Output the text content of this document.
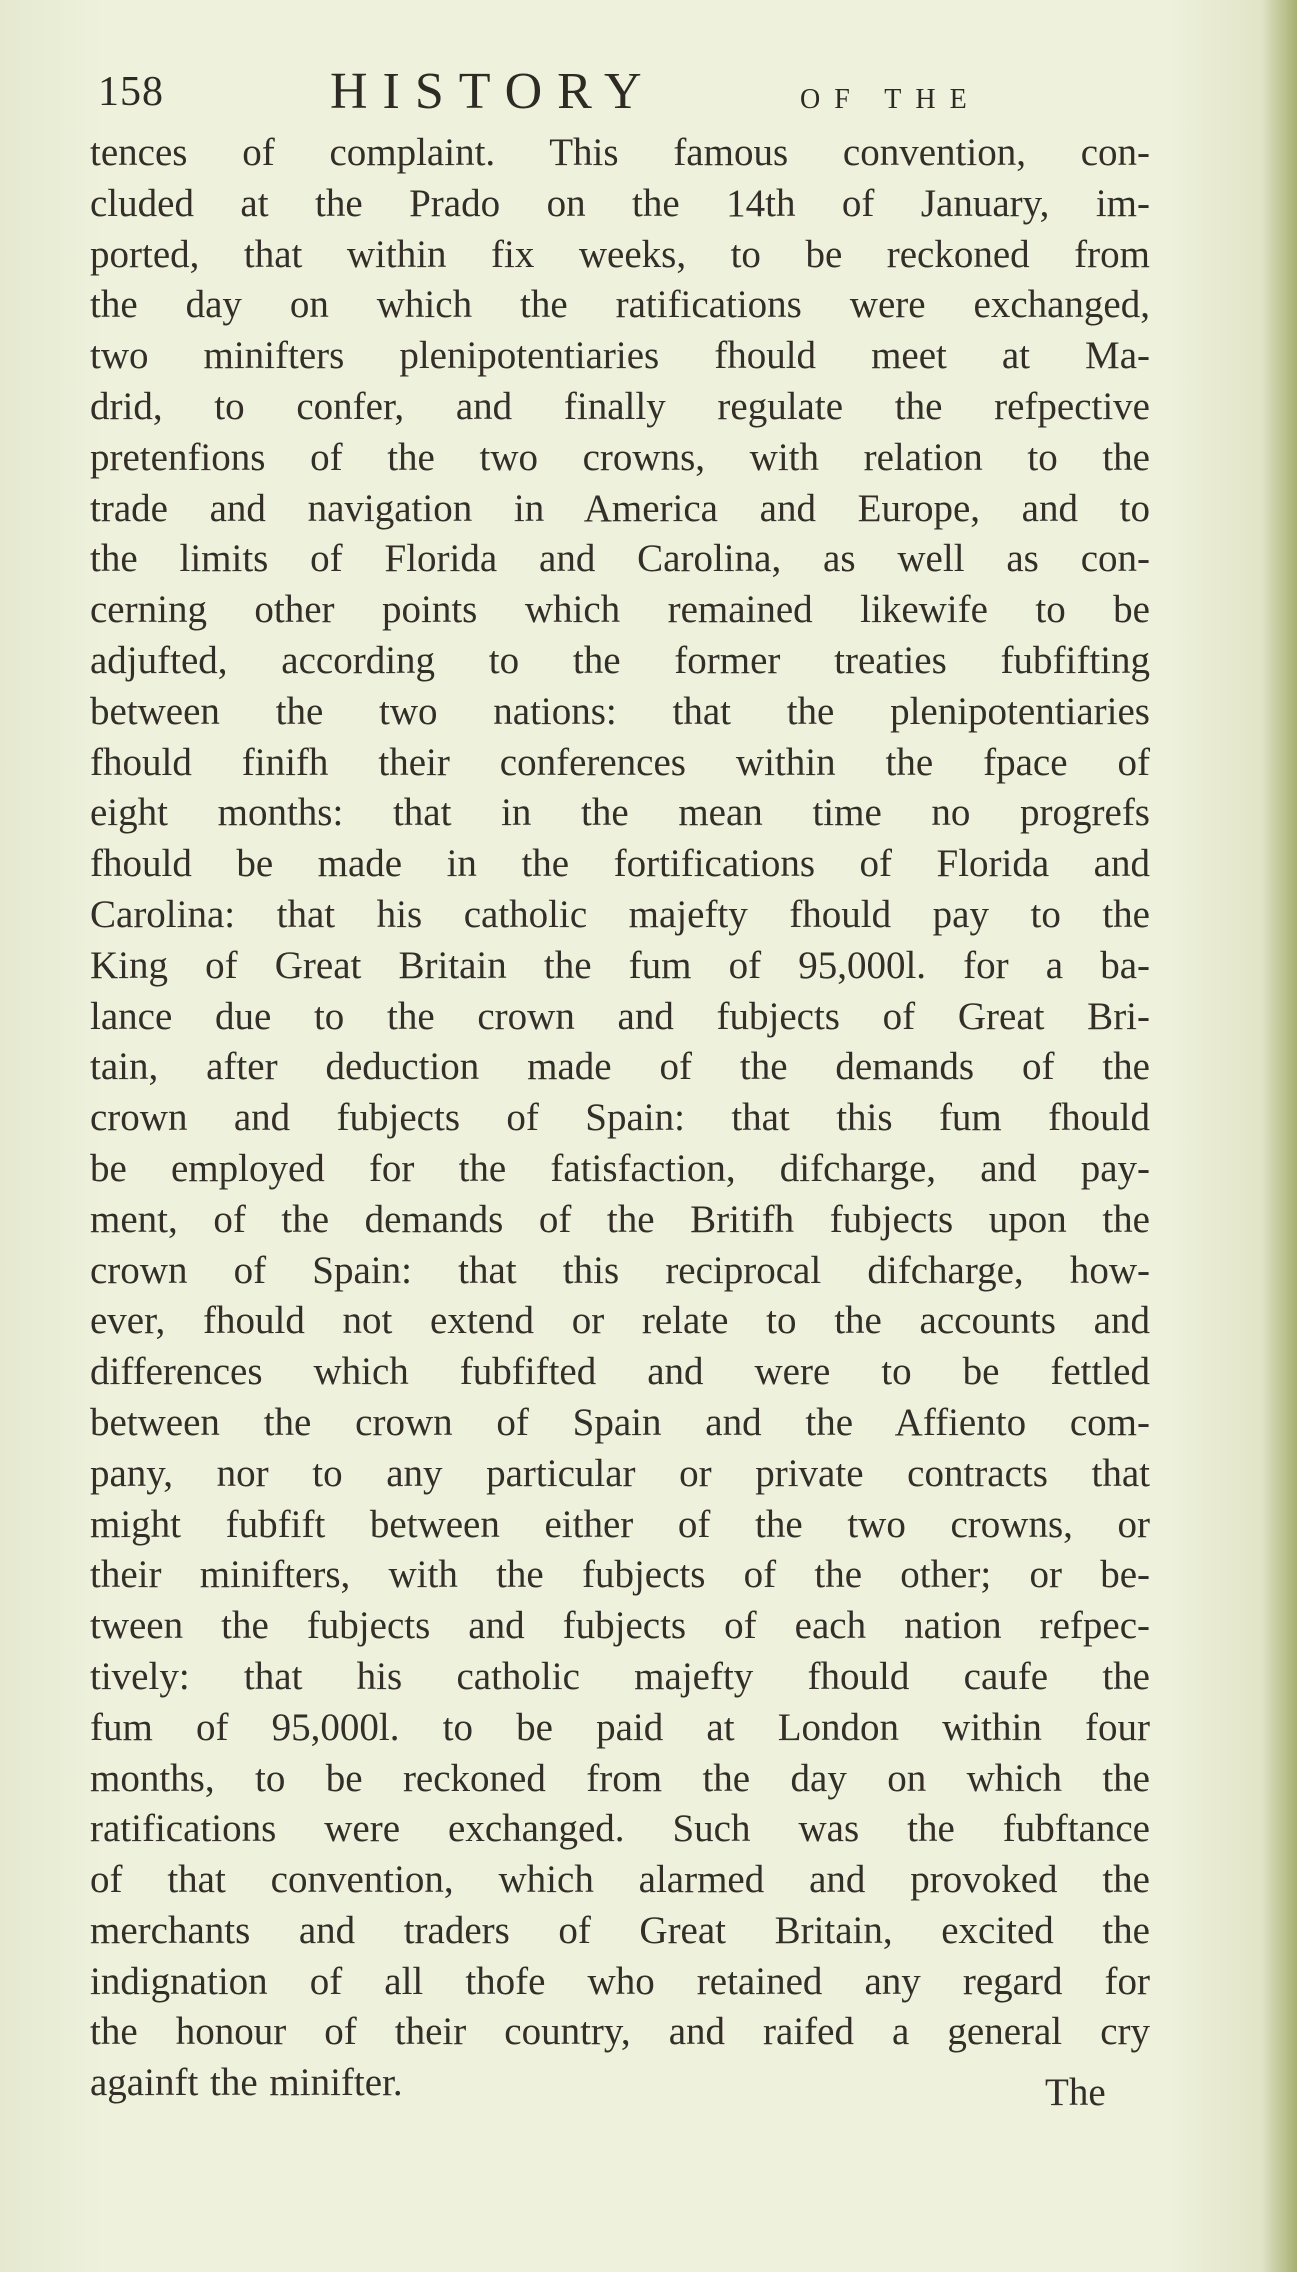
158	HISTORY	OF THE
tences of complaint. This famous convention, con-
cluded at the Prado on the 14th of January, im-
ported, that within fix weeks, to be reckoned from
the day on which the ratifications were exchanged,
two minifters plenipotentiaries fhould meet at Ma-
drid, to confer, and finally regulate the refpective
pretenfions of the two crowns, with relation to the
trade and navigation in America and Europe, and to
the limits of Florida and Carolina, as well as con-
cerning other points which remained likewife to be
adjufted, according to the former treaties fubfifting
between the two nations: that the plenipotentiaries
fhould finifh their conferences within the fpace of
eight months: that in the mean time no progrefs
fhould be made in the fortifications of Florida and
Carolina: that his catholic majefty fhould pay to the
King of Great Britain the fum of 95,000l. for a ba-
lance due to the crown and fubjects of Great Bri-
tain, after deduction made of the demands of the
crown and fubjects of Spain: that this fum fhould
be employed for the fatisfaction, difcharge, and pay-
ment, of the demands of the Britifh fubjects upon the
crown of Spain: that this reciprocal difcharge, how-
ever, fhould not extend or relate to the accounts and
differences which fubfifted and were to be fettled
between the crown of Spain and the Affiento com-
pany, nor to any particular or private contracts that
might fubfift between either of the two crowns, or
their minifters, with the fubjects of the other; or be-
tween the fubjects and fubjects of each nation refpec-
tively: that his catholic majefty fhould caufe the
fum of 95,000l. to be paid at London within four
months, to be reckoned from the day on which the
ratifications were exchanged. Such was the fubftance
of that convention, which alarmed and provoked the
merchants and traders of Great Britain, excited the
indignation of all thofe who retained any regard for
the honour of their country, and raifed a general cry
againft the minifter.	The
